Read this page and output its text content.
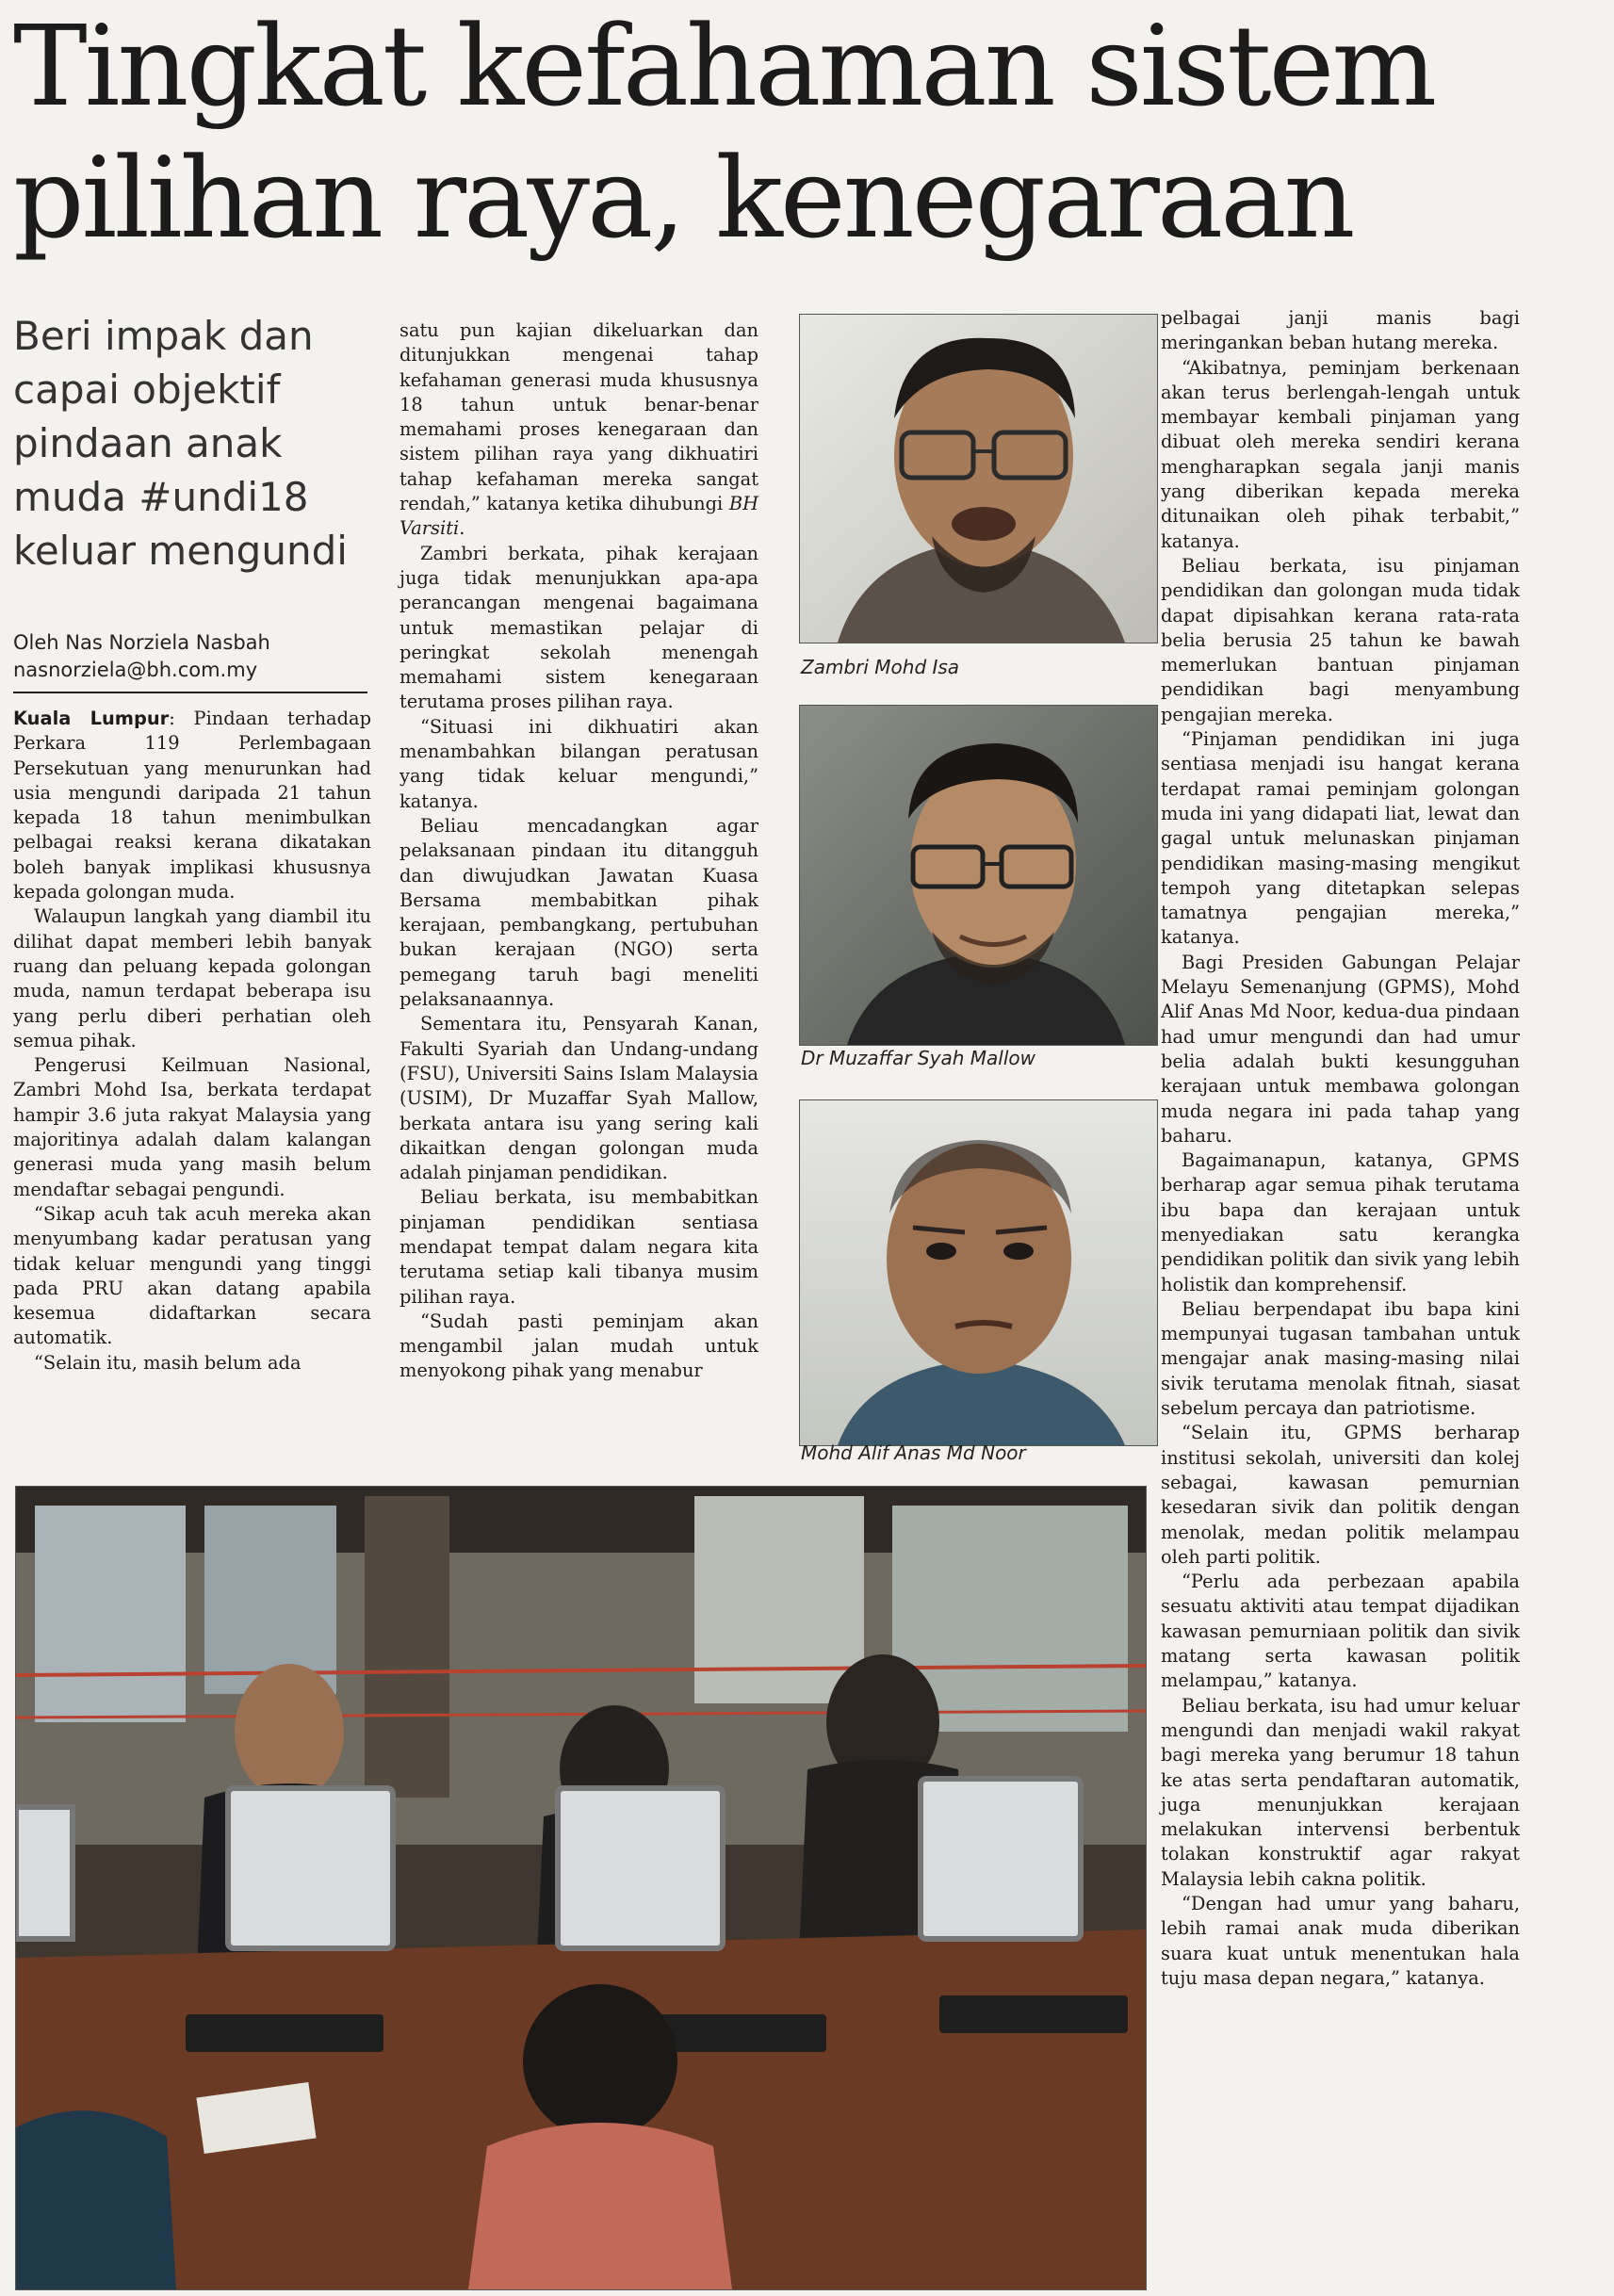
Tingkat kefahaman sistem pilihan raya, kenegaraan
Beri impak dan capai objektif pindaan anak muda #undi18 keluar mengundi
Oleh Nas Norziela Nasbah
nasnorziela@bh.com.my

Kuala Lumpur: Pindaan terhadap Perkara 119 Perlembagaan Persekutuan yang menurunkan had usia mengundi daripada 21 tahun kepada 18 tahun menimbulkan pelbagai reaksi kerana dikatakan boleh banyak implikasi khususnya kepada golongan muda.

Walaupun langkah yang diambil itu dilihat dapat memberi lebih banyak ruang dan peluang kepada golongan muda, namun terdapat beberapa isu yang perlu diberi perhatian oleh semua pihak.

Pengerusi Keilmuan Nasional, Zambri Mohd Isa, berkata terdapat hampir 3.6 juta rakyat Malaysia yang majoritinya adalah dalam kalangan generasi muda yang masih belum mendaftar sebagai pengundi.

“Sikap acuh tak acuh mereka akan menyumbang kadar peratusan yang tidak keluar mengundi yang tinggi pada PRU akan datang apabila kesemua didaftarkan secara automatik.

“Selain itu, masih belum ada

satu pun kajian dikeluarkan dan ditunjukkan mengenai tahap kefahaman generasi muda khususnya 18 tahun untuk benar-benar memahami proses kenegaraan dan sistem pilihan raya yang dikhuatiri tahap kefahaman mereka sangat rendah,” katanya ketika dihubungi BH Varsiti.

Zambri berkata, pihak kerajaan juga tidak menunjukkan apa-apa perancangan mengenai bagaimana untuk memastikan pelajar di peringkat sekolah menengah memahami sistem kenegaraan terutama proses pilihan raya.

“Situasi ini dikhuatiri akan menambahkan bilangan peratusan yang tidak keluar mengundi,” katanya.

Beliau mencadangkan agar pelaksanaan pindaan itu ditangguh dan diwujudkan Jawatan Kuasa Bersama membabitkan pihak kerajaan, pembangkang, pertubuhan bukan kerajaan (NGO) serta pemegang taruh bagi meneliti pelaksanaannya.

Sementara itu, Pensyarah Kanan, Fakulti Syariah dan Undang-undang (FSU), Universiti Sains Islam Malaysia (USIM), Dr Muzaffar Syah Mallow, berkata antara isu yang sering kali dikaitkan dengan golongan muda adalah pinjaman pendidikan.

Beliau berkata, isu membabitkan pinjaman pendidikan sentiasa mendapat tempat dalam negara kita terutama setiap kali tibanya musim pilihan raya.

“Sudah pasti peminjam akan mengambil jalan mudah untuk menyokong pihak yang menabur

Zambri Mohd Isa
Dr Muzaffar Syah Mallow
Mohd Alif Anas Md Noor

pelbagai janji manis bagi meringankan beban hutang mereka.

“Akibatnya, peminjam berkenaan akan terus berlengah-lengah untuk membayar kembali pinjaman yang dibuat oleh mereka sendiri kerana mengharapkan segala janji manis yang diberikan kepada mereka ditunaikan oleh pihak terbabit,” katanya.

Beliau berkata, isu pinjaman pendidikan dan golongan muda tidak dapat dipisahkan kerana rata-rata belia berusia 25 tahun ke bawah memerlukan bantuan pinjaman pendidikan bagi menyambung pengajian mereka.

“Pinjaman pendidikan ini juga sentiasa menjadi isu hangat kerana terdapat ramai peminjam golongan muda ini yang didapati liat, lewat dan gagal untuk melunaskan pinjaman pendidikan masing-masing mengikut tempoh yang ditetapkan selepas tamatnya pengajian mereka,” katanya.

Bagi Presiden Gabungan Pelajar Melayu Semenanjung (GPMS), Mohd Alif Anas Md Noor, kedua-dua pindaan had umur mengundi dan had umur belia adalah bukti kesungguhan kerajaan untuk membawa golongan muda negara ini pada tahap yang baharu.

Bagaimanapun, katanya, GPMS berharap agar semua pihak terutama ibu bapa dan kerajaan untuk menyediakan satu kerangka pendidikan politik dan sivik yang lebih holistik dan komprehensif.

Beliau berpendapat ibu bapa kini mempunyai tugasan tambahan untuk mengajar anak masing-masing nilai sivik terutama menolak fitnah, siasat sebelum percaya dan patriotisme.

“Selain itu, GPMS berharap institusi sekolah, universiti dan kolej sebagai, kawasan pemurnian kesedaran sivik dan politik dengan menolak, medan politik melampau oleh parti politik.

“Perlu ada perbezaan apabila sesuatu aktiviti atau tempat dijadikan kawasan pemurniaan politik dan sivik matang serta kawasan politik melampau,” katanya.

Beliau berkata, isu had umur keluar mengundi dan menjadi wakil rakyat bagi mereka yang berumur 18 tahun ke atas serta pendaftaran automatik, juga menunjukkan kerajaan melakukan intervensi berbentuk tolakan konstruktif agar rakyat Malaysia lebih cakna politik.

“Dengan had umur yang baharu, lebih ramai anak muda diberikan suara kuat untuk menentukan hala tuju masa depan negara,” katanya.
